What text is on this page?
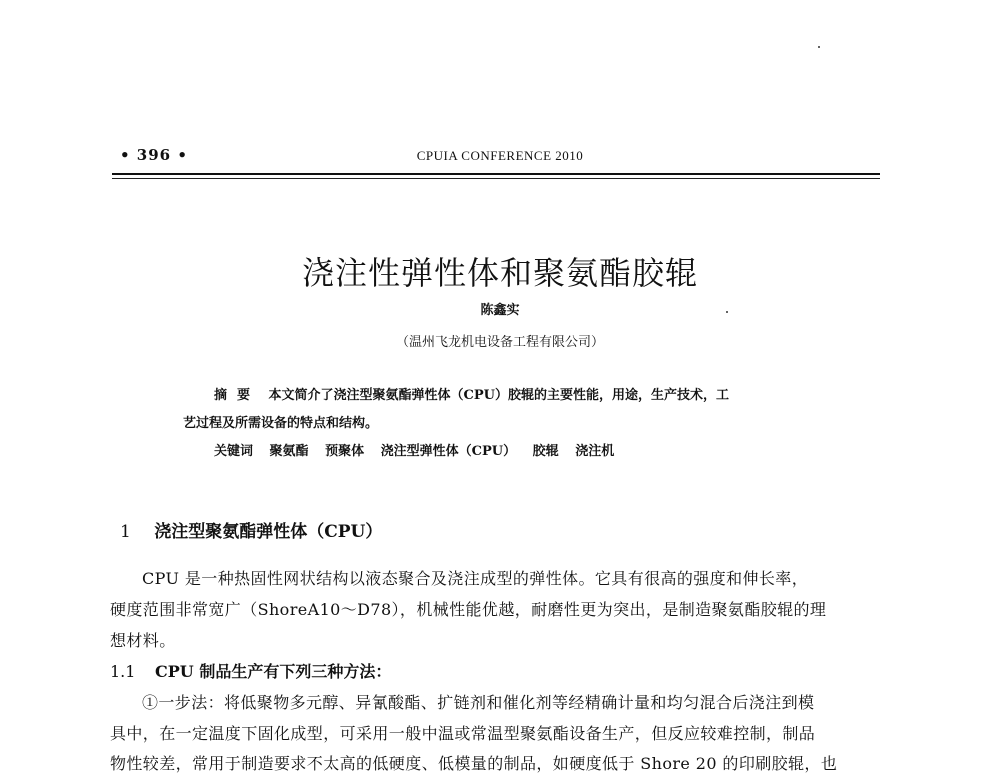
• 396 •	CPUIA CONFERENCE 2010
浇注性弹性体和聚氨酯胶辊
陈鑫实
（温州飞龙机电设备工程有限公司）
摘要 本文简介了浇注型聚氨酯弹性体（CPU）胶辊的主要性能，用途，生产技术，工
艺过程及所需设备的特点和结构。
关键词 聚氨酯 预聚体 浇注型弹性体（CPU） 胶辊 浇注机
1 浇注型聚氨酯弹性体（CPU）
CPU 是一种热固性网状结构以液态聚合及浇注成型的弹性体。它具有很高的强度和伸长率，
硬度范围非常宽广（ShoreA10～D78），机械性能优越，耐磨性更为突出，是制造聚氨酯胶辊的理
想材料。
1.1 CPU 制品生产有下列三种方法：
①一步法：将低聚物多元醇、异氰酸酯、扩链剂和催化剂等经精确计量和均匀混合后浇注到模
具中，在一定温度下固化成型，可采用一般中温或常温型聚氨酯设备生产，但反应较难控制，制品
物性较差，常用于制造要求不太高的低硬度、低模量的制品，如硬度低于 Shore 20 的印刷胶辊，也
